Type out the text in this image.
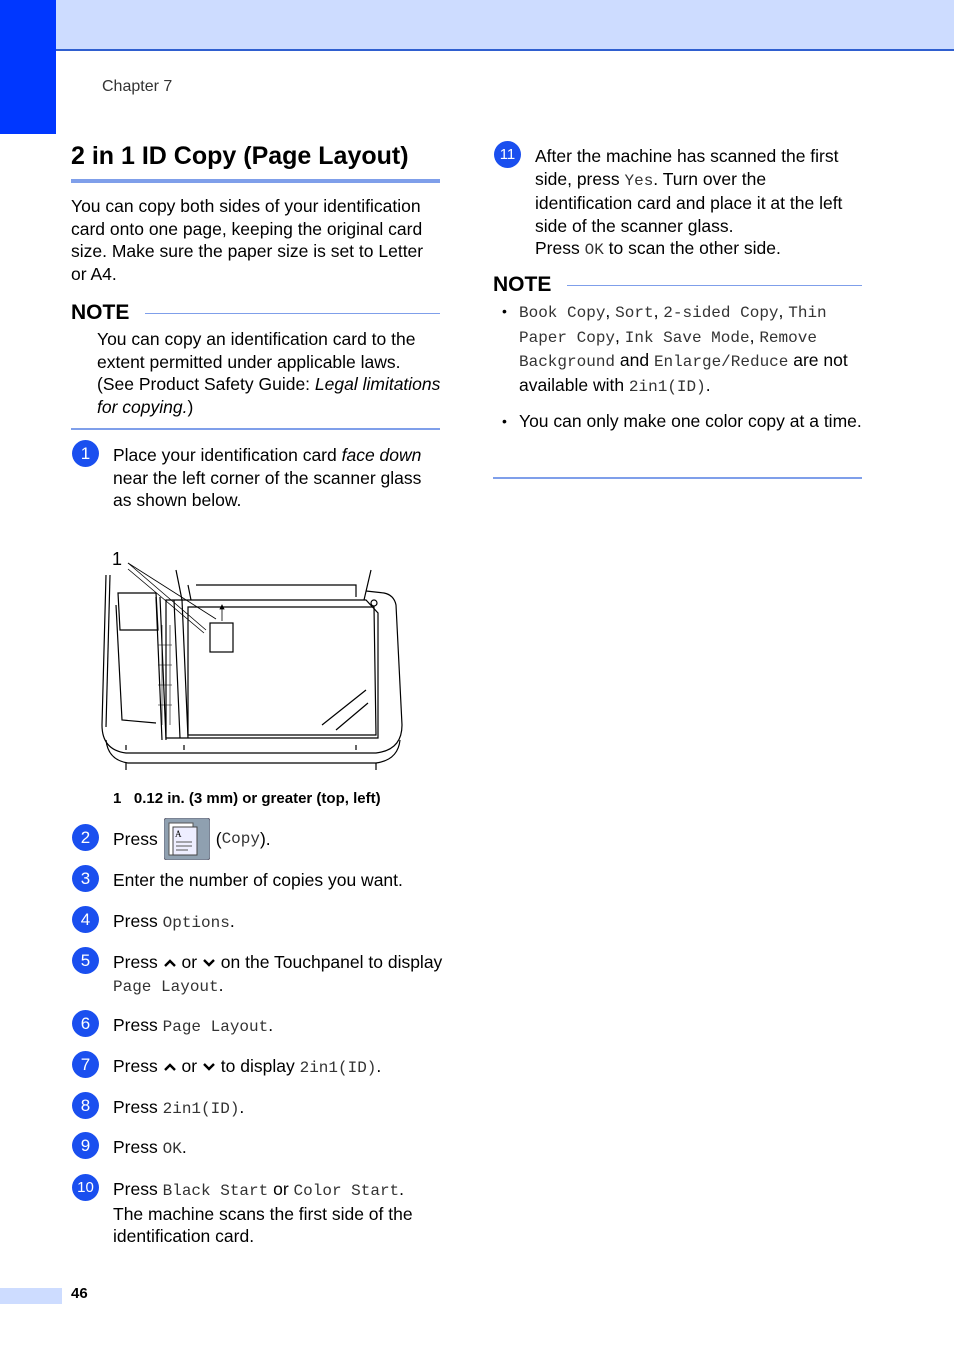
Chapter 7
2 in 1 ID Copy (Page Layout)
You can copy both sides of your identification card onto one page, keeping the original card size. Make sure the paper size is set to Letter or A4.
NOTE
You can copy an identification card to the extent permitted under applicable laws. (See Product Safety Guide: Legal limitations for copying.)
1	Place your identification card face down near the left corner of the scanner glass as shown below.
1
1 0.12 in. (3 mm) or greater (top, left)
2	Press A ( Copy ).
3	Enter the number of copies you want.
4	Press Options.
5	Press or on the Touchpanel to display Page Layout.
6	Press Page Layout.
7	Press or to display 2in1(ID).
8	Press 2in1(ID).
9	Press OK.
10 Press Black Start or Color Start.
The machine scans the first side of the identification card.
11	After the machine has scanned the first side, press Yes. Turn over the identification card and place it at the left side of the scanner glass.
Press OK to scan the other side.
NOTE
• Book Copy, Sort, 2-sided Copy, Thin Paper Copy, Ink Save Mode, Remove Background and Enlarge/Reduce are not available with 2in1(ID).
• You can only make one color copy at a time.
46
